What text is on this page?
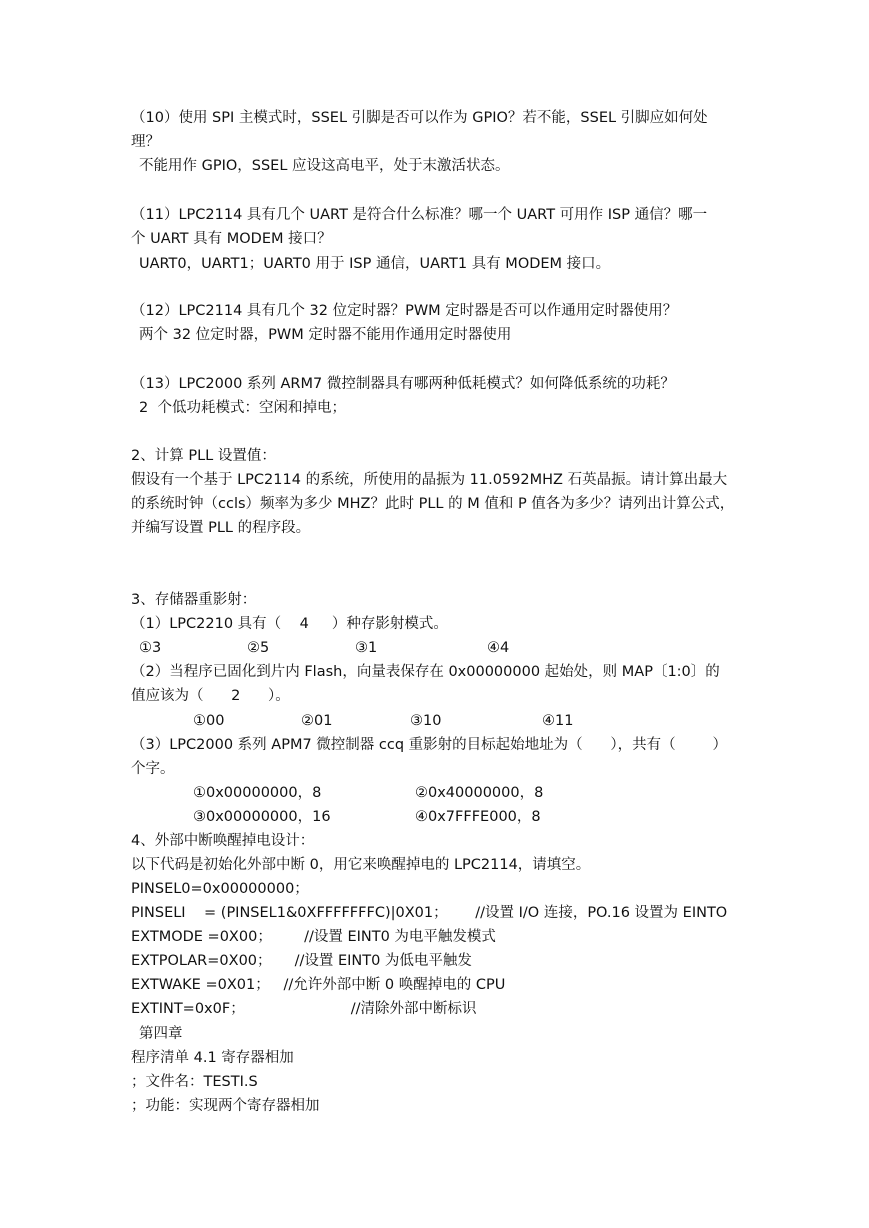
（10）使用 SPI 主模式时，SSEL 引脚是否可以作为 GPIO？若不能，SSEL 引脚应如何处
理？
不能用作 GPIO，SSEL 应设这高电平，处于末激活状态。
（11）LPC2114 具有几个 UART 是符合什么标准？哪一个 UART 可用作 ISP 通信？哪一
个 UART 具有 MODEM 接口？
UART0，UART1；UART0 用于 ISP 通信，UART1 具有 MODEM 接口。
（12）LPC2114 具有几个 32 位定时器？PWM 定时器是否可以作通用定时器使用？
两个 32 位定时器，PWM 定时器不能用作通用定时器使用
（13）LPC2000 系列 ARM7 微控制器具有哪两种低耗模式？如何降低系统的功耗？
2  个低功耗模式：空闲和掉电；
2、计算 PLL 设置值：
假设有一个基于 LPC2114 的系统，所使用的晶振为 11.0592MHZ 石英晶振。请计算出最大
的系统时钟（ccls）频率为多少 MHZ？此时 PLL 的 M 值和 P 值各为多少？请列出计算公式，
并编写设置 PLL 的程序段。
3、存储器重影射：
（1）LPC2210 具有（    4     ）种存影射模式。
①3	②5	③1	④4
（2）当程序已固化到片内 Flash，向量表保存在 0x00000000 起始处，则 MAP〔1:0〕的
值应该为（      2      ）。
①00	②01	③10	④11
（3）LPC2000 系列 APM7 微控制器 ccq 重影射的目标起始地址为（      ），共有（        ）
个字。
①0x00000000，8	②0x40000000，8
③0x00000000，16	④0x7FFFE000，8
4、外部中断唤醒掉电设计：
以下代码是初始化外部中断 0，用它来唤醒掉电的 LPC2114，请填空。
PINSEL0=0x00000000；
PINSELI    = (PINSEL1&0XFFFFFFFC)|0X01；      //设置 I/O 连接，PO.16 设置为 EINTO
EXTMODE =0X00；       //设置 EINT0 为电平触发模式
EXTPOLAR=0X00；     //设置 EINT0 为低电平触发
EXTWAKE =0X01；   //允许外部中断 0 唤醒掉电的 CPU
EXTINT=0x0F；                       //清除外部中断标识
第四章
程序清单 4.1 寄存器相加
；文件名：TESTI.S
；功能：实现两个寄存器相加
